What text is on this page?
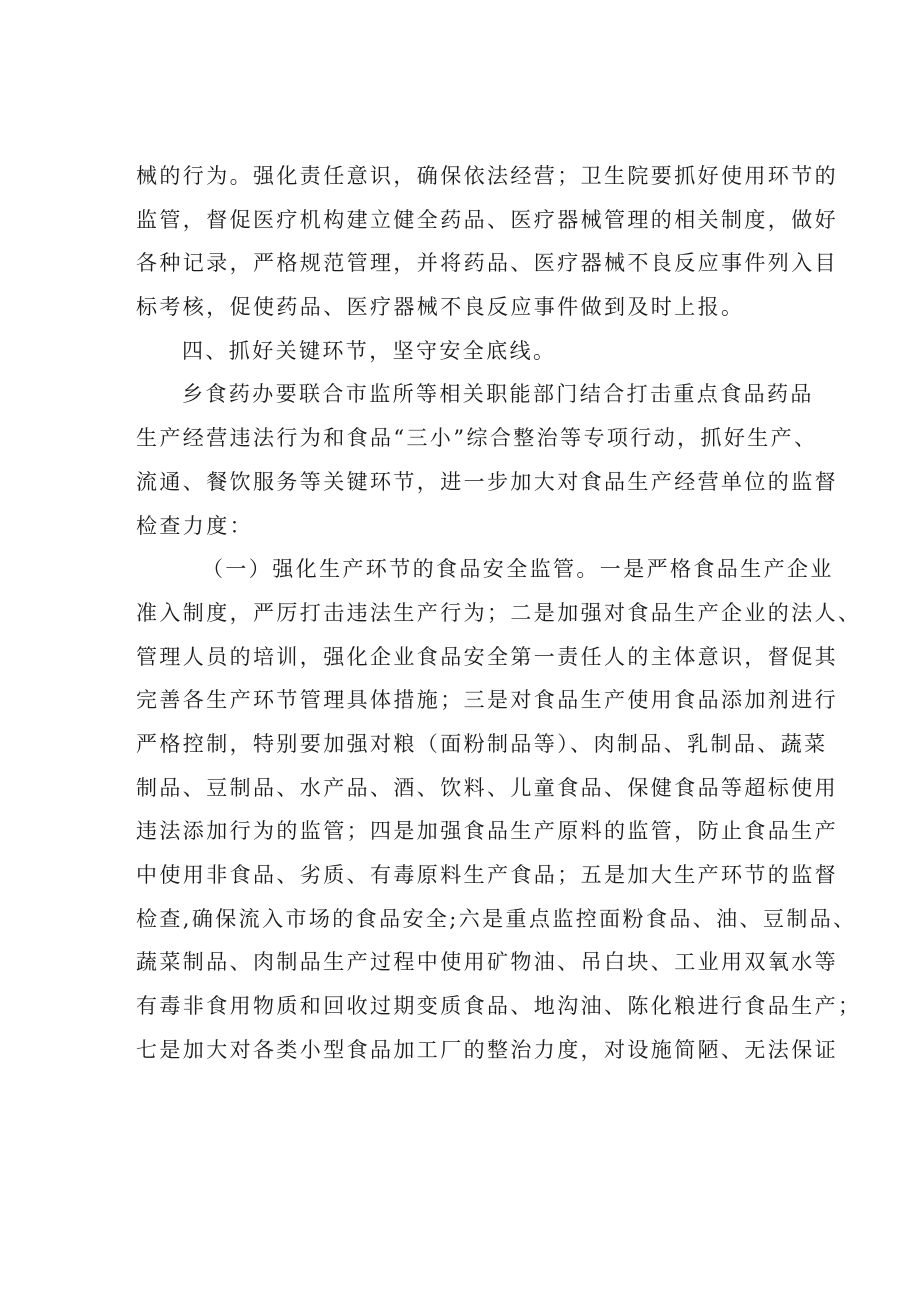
械的行为。强化责任意识，确保依法经营；卫生院要抓好使用环节的
监管，督促医疗机构建立健全药品、医疗器械管理的相关制度，做好
各种记录，严格规范管理，并将药品、医疗器械不良反应事件列入目
标考核，促使药品、医疗器械不良反应事件做到及时上报。
四、抓好关键环节，坚守安全底线。
乡食药办要联合市监所等相关职能部门结合打击重点食品药品
生产经营违法行为和食品“三小”综合整治等专项行动，抓好生产、
流通、餐饮服务等关键环节，进一步加大对食品生产经营单位的监督
检查力度：
（一）强化生产环节的食品安全监管。一是严格食品生产企业
准入制度，严厉打击违法生产行为；二是加强对食品生产企业的法人、
管理人员的培训，强化企业食品安全第一责任人的主体意识，督促其
完善各生产环节管理具体措施；三是对食品生产使用食品添加剂进行
严格控制，特别要加强对粮（面粉制品等）、肉制品、乳制品、蔬菜
制品、豆制品、水产品、酒、饮料、儿童食品、保健食品等超标使用
违法添加行为的监管；四是加强食品生产原料的监管，防止食品生产
中使用非食品、劣质、有毒原料生产食品；五是加大生产环节的监督
检查,确保流入市场的食品安全;六是重点监控面粉食品、油、豆制品、
蔬菜制品、肉制品生产过程中使用矿物油、吊白块、工业用双氧水等
有毒非食用物质和回收过期变质食品、地沟油、陈化粮进行食品生产；
七是加大对各类小型食品加工厂的整治力度，对设施简陋、无法保证
